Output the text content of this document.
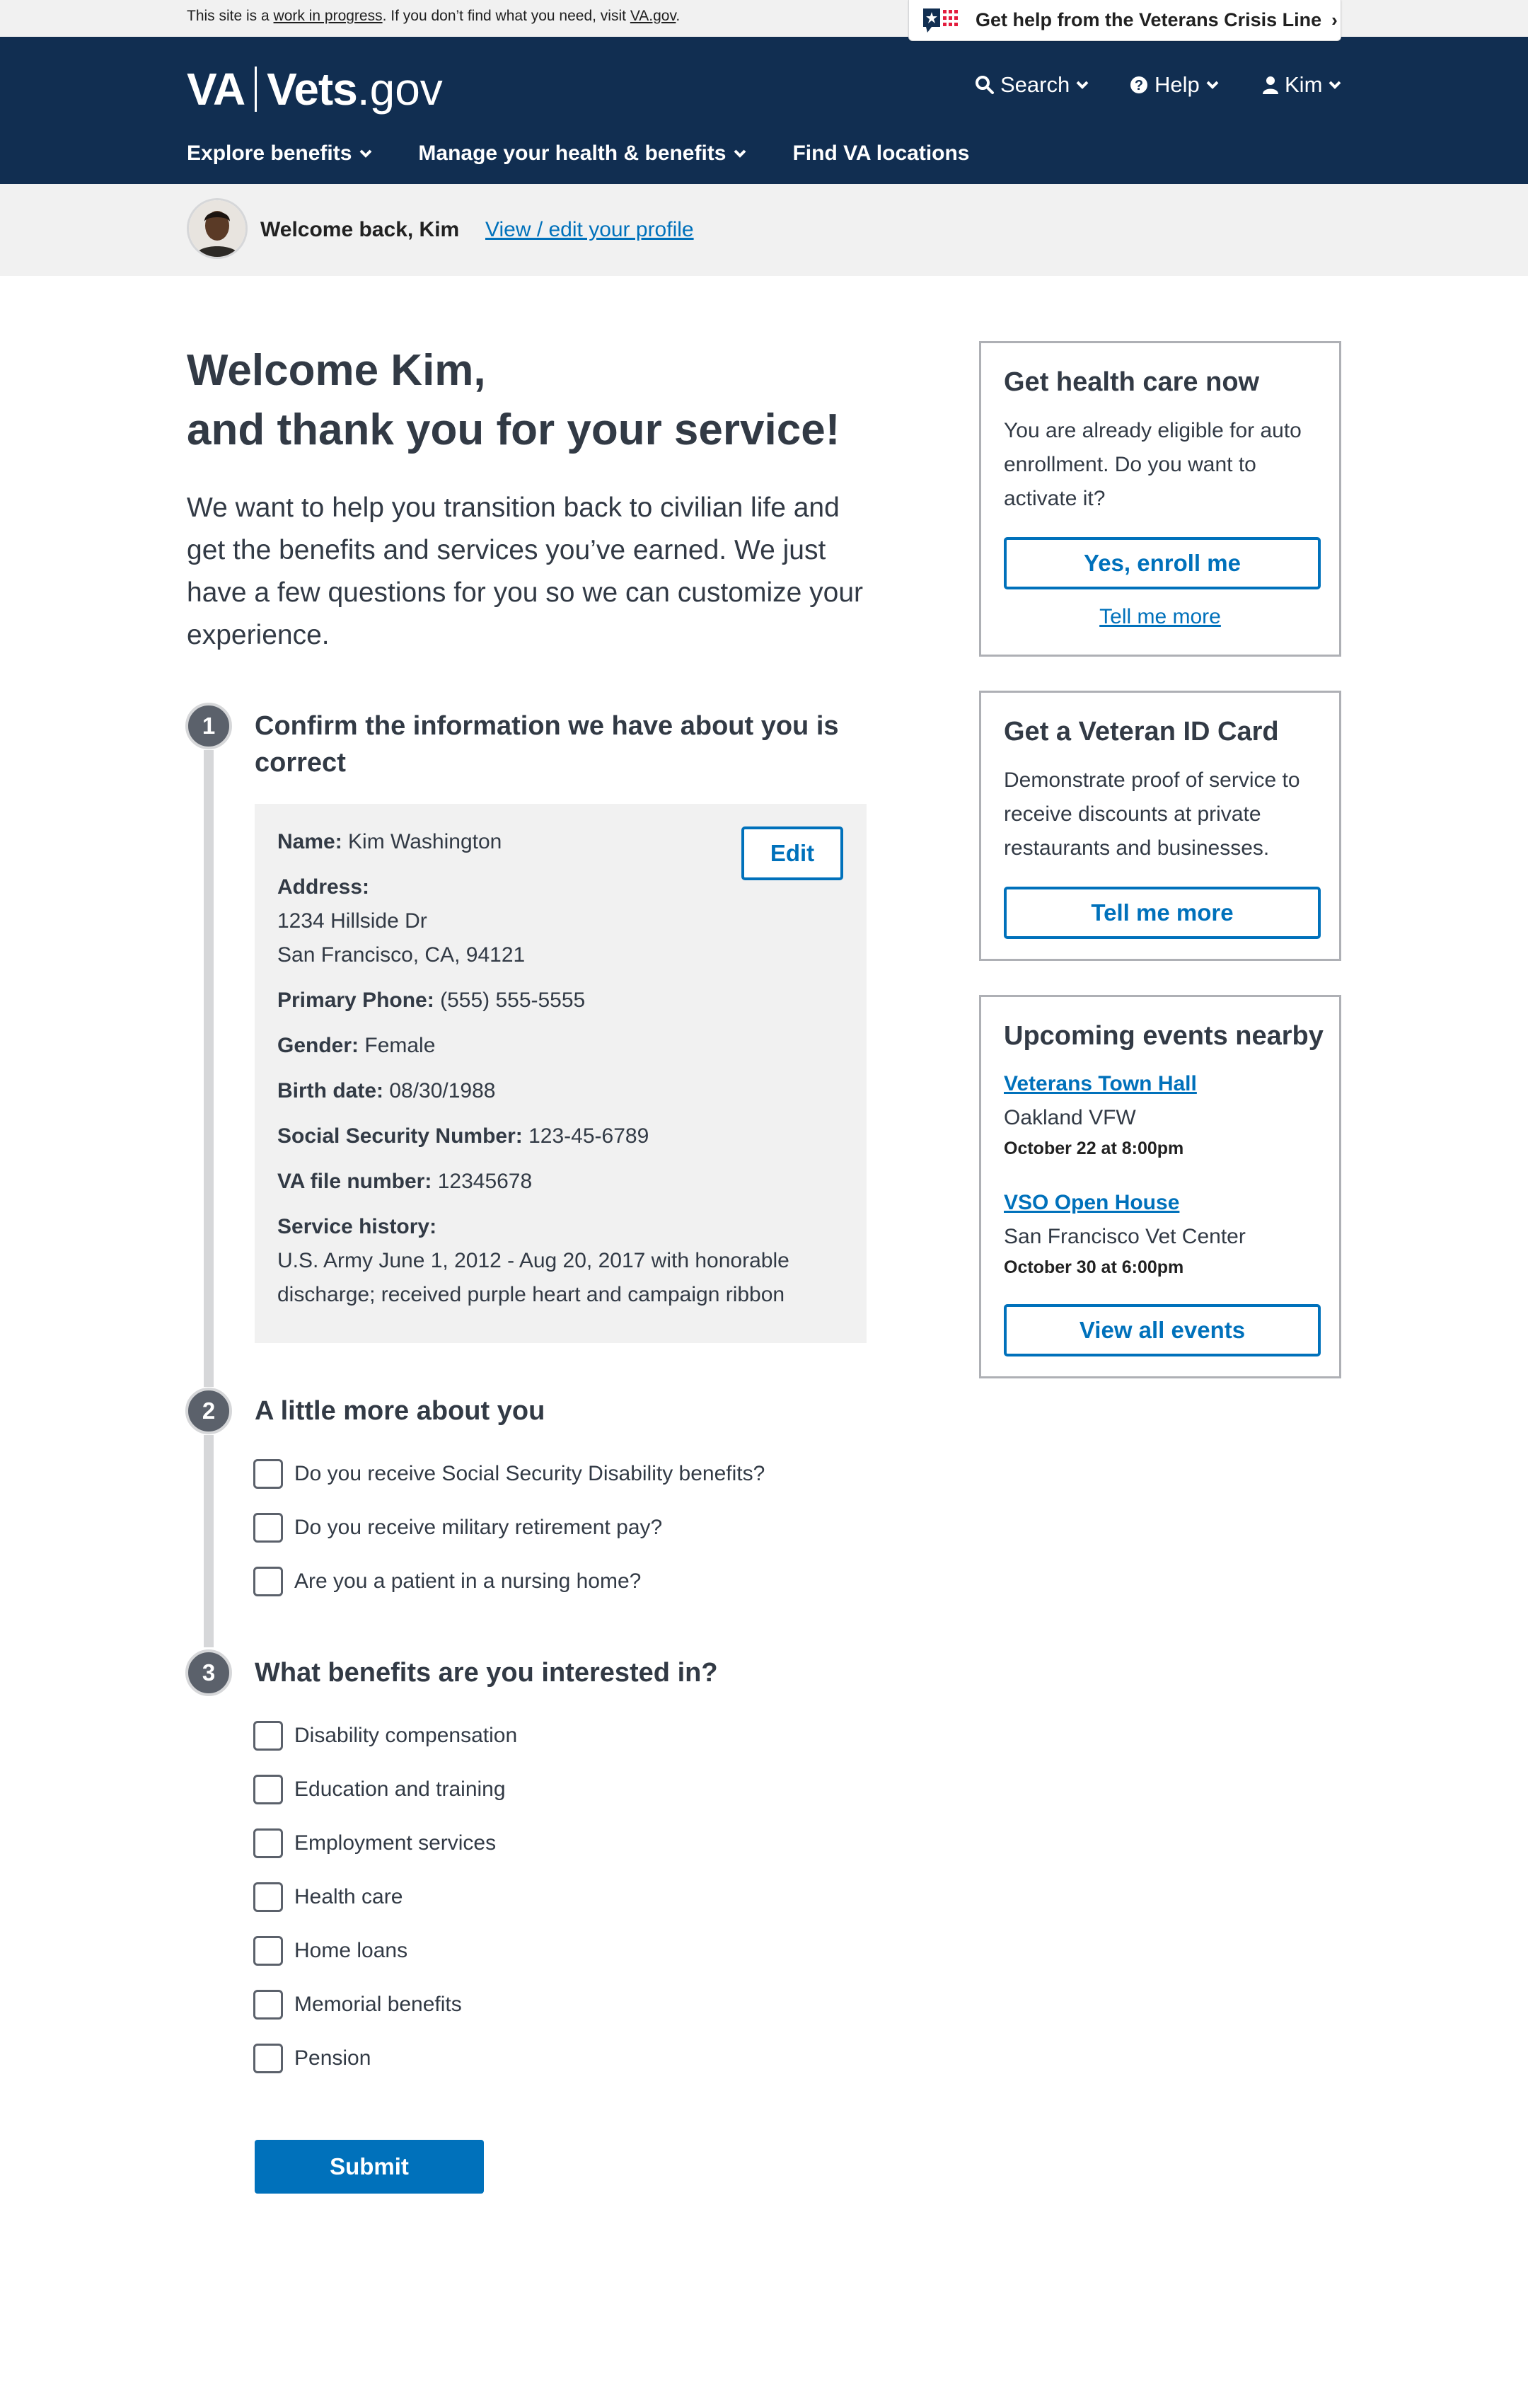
This site is a work in progress. If you don’t find what you need, visit VA.gov.	Get help from the Veterans Crisis Line ›
VA Vets .gov	Search	? Help	Kim
Explore benefits	Manage your health & benefits	Find VA locations
Welcome back, Kim View / edit your profile
Welcome Kim,
and thank you for your service!

We want to help you transition back to civilian life and get the benefits and services you’ve earned. We just have a few questions for you so we can customize your experience.

1	Confirm the information we have about you is correct
Edit
Name: Kim Washington
Address:
1234 Hillside Dr
San Francisco, CA, 94121
Primary Phone: (555) 555-5555
Gender: Female
Birth date: 08/30/1988
Social Security Number: 123-45-6789
VA file number: 12345678
Service history:
U.S. Army June 1, 2012 - Aug 20, 2017 with honorable
discharge; received purple heart and campaign ribbon
2	A little more about you
Do you receive Social Security Disability benefits?
Do you receive military retirement pay?
Are you a patient in a nursing home?
3	What benefits are you interested in?
Disability compensation
Education and training
Employment services
Health care
Home loans
Memorial benefits
Pension
Submit
Get health care now

You are already eligible for auto enrollment. Do you want to activate it?

Yes, enroll me
Tell me more
Get a Veteran ID Card

Demonstrate proof of service to receive discounts at private restaurants and businesses.

Tell me more
Upcoming events nearby
Veterans Town Hall
Oakland VFW
October 22 at 8:00pm
VSO Open House
San Francisco Vet Center
October 30 at 6:00pm
View all events
